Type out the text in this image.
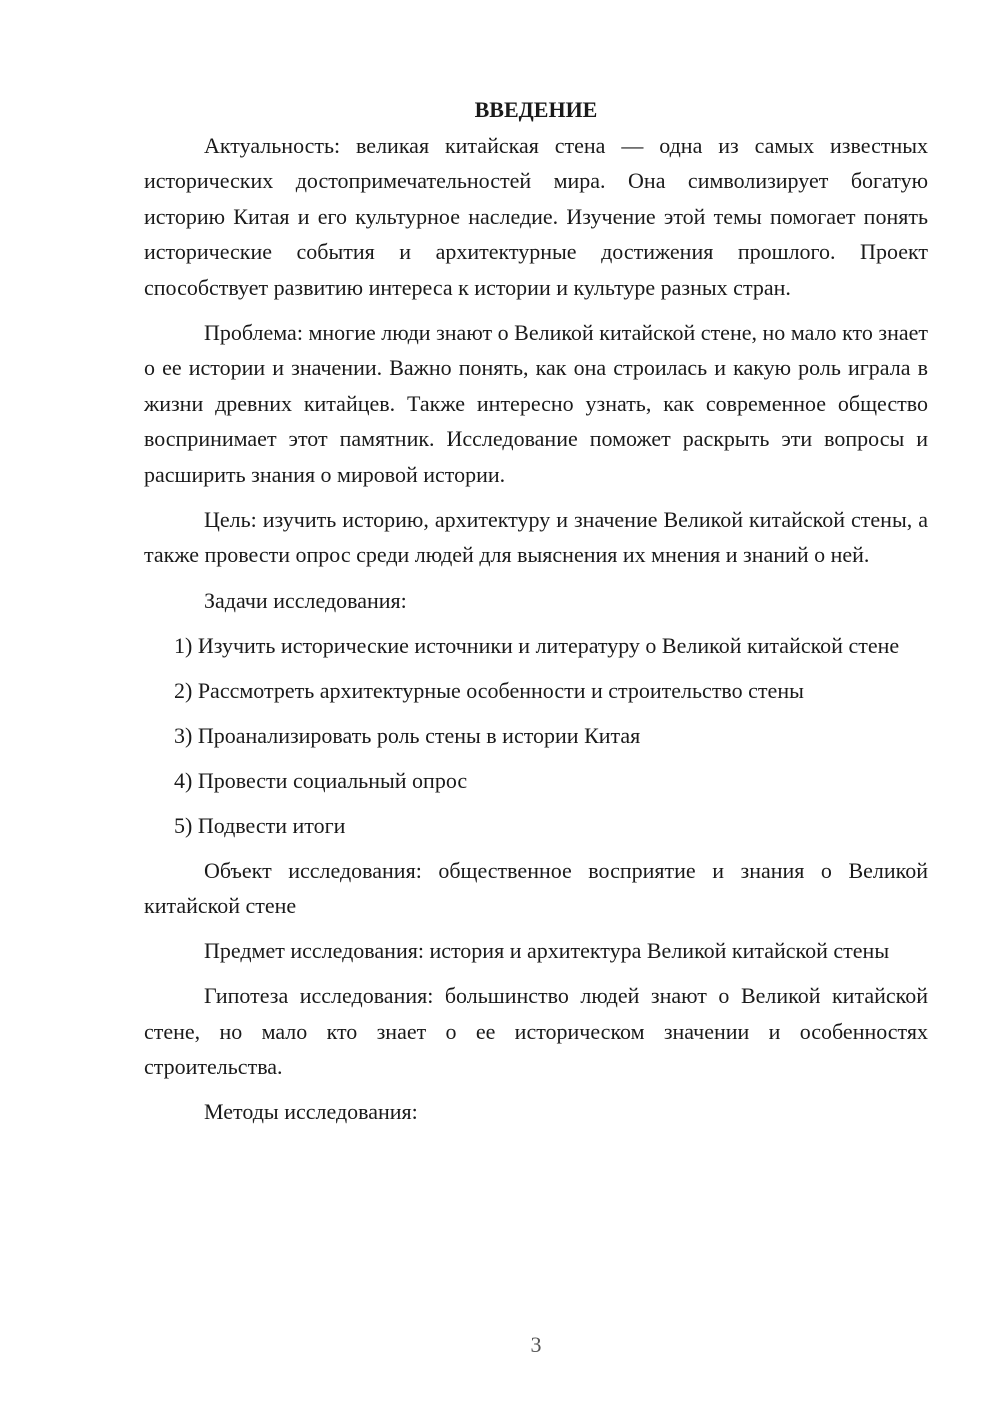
ВВЕДЕНИЕ

Актуальность: великая китайская стена — одна из самых известных исторических достопримечательностей мира. Она символизирует богатую историю Китая и его культурное наследие. Изучение этой темы помогает понять исторические события и архитектурные достижения прошлого. Проект способствует развитию интереса к истории и культуре разных стран.

Проблема: многие люди знают о Великой китайской стене, но мало кто знает о ее истории и значении. Важно понять, как она строилась и какую роль играла в жизни древних китайцев. Также интересно узнать, как современное общество воспринимает этот памятник. Исследование поможет раскрыть эти вопросы и расширить знания о мировой истории.

Цель: изучить историю, архитектуру и значение Великой китайской стены, а также провести опрос среди людей для выяснения их мнения и знаний о ней.

Задачи исследования:

1) Изучить исторические источники и литературу о Великой китайской стене

2) Рассмотреть архитектурные особенности и строительство стены

3) Проанализировать роль стены в истории Китая

4) Провести социальный опрос

5) Подвести итоги

Объект исследования: общественное восприятие и знания о Великой китайской стене

Предмет исследования: история и архитектура Великой китайской стены

Гипотеза исследования: большинство людей знают о Великой китайской стене, но мало кто знает о ее историческом значении и особенностях строительства.

Методы исследования:

3
